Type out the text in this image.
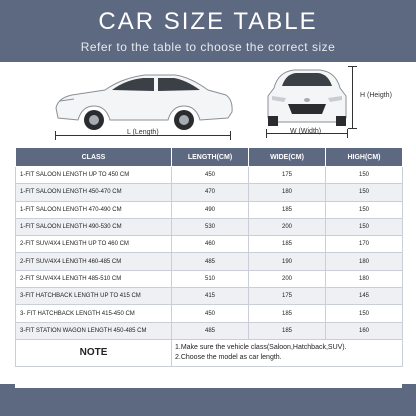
CAR SIZE TABLE
Refer to the table to choose the correct size
L (Length)
H (Heigth)
W (Width)
CLASS	LENGTH(CM)	WIDE(CM)	HIGH(CM)
1-FIT SALOON LENGTH UP TO 450 CM	450	175	150
1-FIT SALOON LENGTH 450-470 CM	470	180	150
1-FIT SALOON LENGTH 470-490 CM	490	185	150
1-FIT SALOON LENGTH 490-530 CM	530	200	150
2-FIT SUV/4X4 LENGTH UP TO 460 CM	460	185	170
2-FIT SUV/4X4 LENGTH 460-485 CM	485	190	180
2-FIT SUV/4X4 LENGTH 485-510 CM	510	200	180
3-FIT HATCHBACK LENGTH UP TO 415 CM	415	175	145
3- FIT HATCHBACK LENGTH 415-450 CM	450	185	150
3-FIT STATION WAGON LENGTH 450-485 CM	485	185	160
NOTE	1.Make sure the vehicle class(Saloon,Hatchback,SUV).
2.Choose the model as car length.		
